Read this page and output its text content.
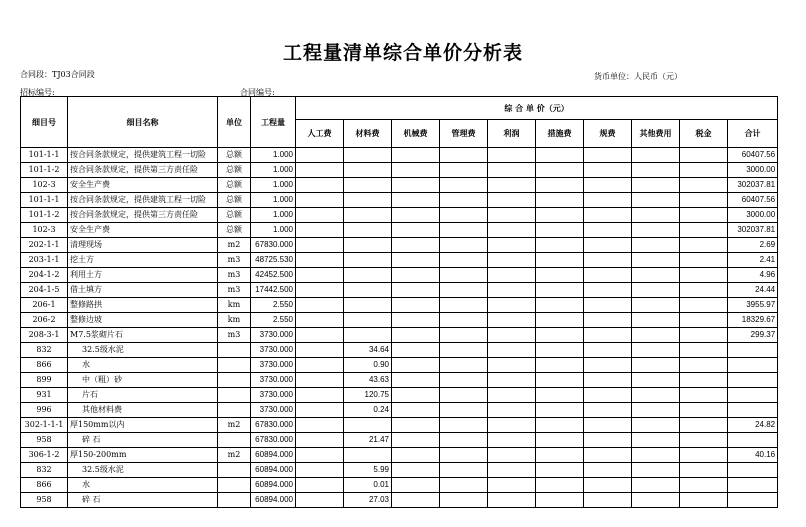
工程量清单综合单价分析表
合同段：TJ03合同段	货币单位：人民币（元）
招标编号:	合同编号:
细目号	细目名称	单位	工程量	综 合 单 价（元）									
				人工费	材料费	机械费	管理费	利润	措施费	规费	其他费用	税金	合计
101-1-1	按合同条款规定，提供建筑工程一切险	总额	1.000										60407.56
101-1-2	按合同条款规定，提供第三方责任险	总额	1.000										3000.00
102-3	安全生产费	总额	1.000										302037.81
101-1-1	按合同条款规定，提供建筑工程一切险	总额	1.000										60407.56
101-1-2	按合同条款规定，提供第三方责任险	总额	1.000										3000.00
102-3	安全生产费	总额	1.000										302037.81
202-1-1	清理现场	m2	67830.000										2.69
203-1-1	挖土方	m3	48725.530										2.41
204-1-2	利用土方	m3	42452.500										4.96
204-1-5	借土填方	m3	17442.500										24.44
206-1	整修路拱	km	2.550										3955.97
206-2	整修边坡	km	2.550										18329.67
208-3-1	M7.5浆砌片石	m3	3730.000										299.37
832	32.5级水泥		3730.000		34.64								
866	水		3730.000		0.90								
899	中（粗）砂		3730.000		43.63								
931	片石		3730.000		120.75								
996	其他材料费		3730.000		0.24								
302-1-1-1	厚150mm以内	m2	67830.000										24.82
958	碎 石		67830.000		21.47								
306-1-2	厚150-200mm	m2	60894.000										40.16
832	32.5级水泥		60894.000		5.99								
866	水		60894.000		0.01								
958	碎 石		60894.000		27.03								
